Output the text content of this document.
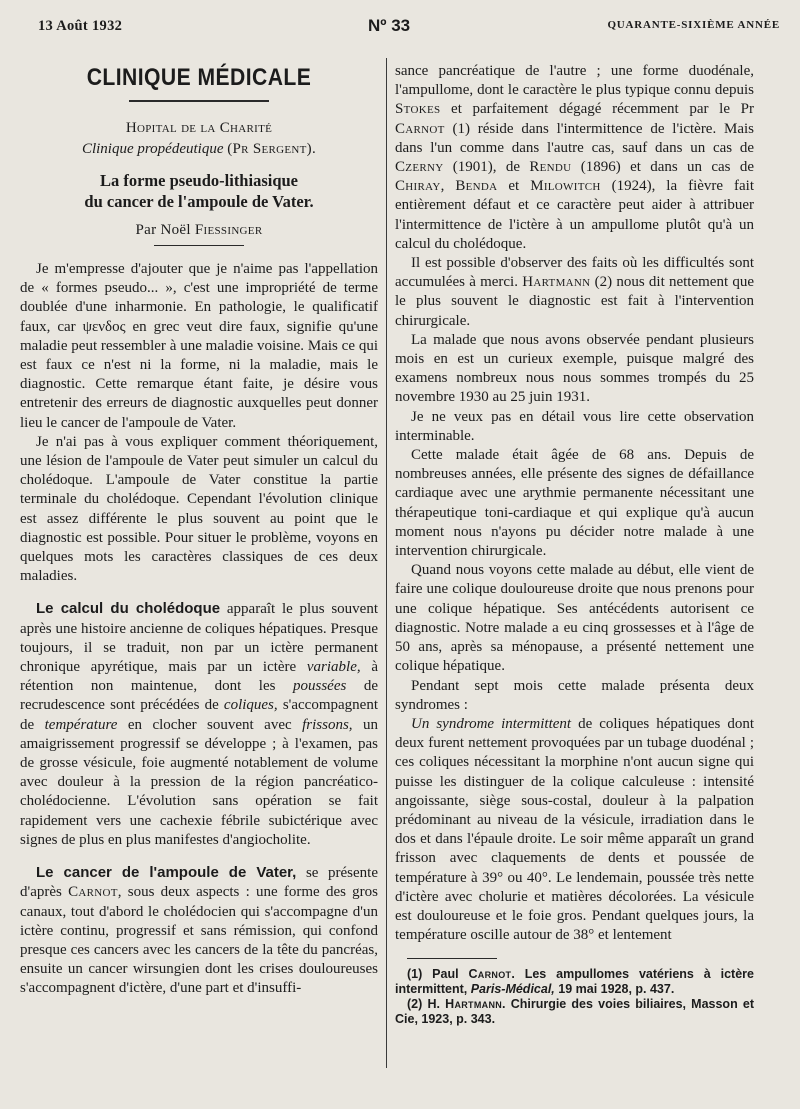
13 Août 1932	Nº 33	QUARANTE-SIXIÈME ANNÉE
CLINIQUE MÉDICALE
Hopital de la Charité
Clinique propédeutique (Pr Sergent).
La forme pseudo-lithiasique
du cancer de l'ampoule de Vater.
Par Noël Fiessinger

Je m'empresse d'ajouter que je n'aime pas l'appellation de « formes pseudo... », c'est une impropriété de terme doublée d'une inharmonie. En pathologie, le qualificatif faux, car ψενδος en grec veut dire faux, signifie qu'une maladie peut ressembler à une maladie voisine. Mais ce qui est faux ce n'est ni la forme, ni la maladie, mais le diagnostic. Cette remarque étant faite, je désire vous entretenir des erreurs de diagnostic auxquelles peut donner lieu le cancer de l'ampoule de Vater.

Je n'ai pas à vous expliquer comment théoriquement, une lésion de l'ampoule de Vater peut simuler un calcul du cholédoque. L'ampoule de Vater constitue la partie terminale du cholédoque. Cependant l'évolution clinique est assez différente le plus souvent au point que le diagnostic est possible. Pour situer le problème, voyons en quelques mots les caractères classiques de ces deux maladies.

Le calcul du cholédoque apparaît le plus souvent après une histoire ancienne de coliques hépatiques. Presque toujours, il se traduit, non par un ictère permanent chronique apyrétique, mais par un ictère variable, à rétention non maintenue, dont les poussées de recrudescence sont précédées de coliques, s'accompagnent de température en clocher souvent avec frissons, un amaigrissement progressif se développe ; à l'examen, pas de grosse vésicule, foie augmenté notablement de volume avec douleur à la pression de la région pancréatico-cholédocienne. L'évolution sans opération se fait rapidement vers une cachexie fébrile subictérique avec signes de plus en plus manifestes d'angiocholite.

Le cancer de l'ampoule de Vater, se présente d'après Carnot, sous deux aspects : une forme des gros canaux, tout d'abord le cholédocien qui s'accompagne d'un ictère continu, progressif et sans rémission, qui confond presque ces cancers avec les cancers de la tête du pancréas, ensuite un cancer wirsungien dont les crises douloureuses s'accompagnent d'ictère, d'une part et d'insuffi-

sance pancréatique de l'autre ; une forme duodénale, l'ampullome, dont le caractère le plus typique connu depuis Stokes et parfaitement dégagé récemment par le Pr Carnot (1) réside dans l'intermittence de l'ictère. Mais dans l'un comme dans l'autre cas, sauf dans un cas de Czerny (1901), de Rendu (1896) et dans un cas de Chiray, Benda et Milowitch (1924), la fièvre fait entièrement défaut et ce caractère peut aider à attribuer l'intermittence de l'ictère à un ampullome plutôt qu'à un calcul du cholédoque.

Il est possible d'observer des faits où les difficultés sont accumulées à merci. Hartmann (2) nous dit nettement que le plus souvent le diagnostic est fait à l'intervention chirurgicale.

La malade que nous avons observée pendant plusieurs mois en est un curieux exemple, puisque malgré des examens nombreux nous nous sommes trompés du 25 novembre 1930 au 25 juin 1931.

Je ne veux pas en détail vous lire cette observation interminable.

Cette malade était âgée de 68 ans. Depuis de nombreuses années, elle présente des signes de défaillance cardiaque avec une arythmie permanente nécessitant une thérapeutique toni-cardiaque et qui explique qu'à aucun moment nous n'ayons pu décider notre malade à une intervention chirurgicale.

Quand nous voyons cette malade au début, elle vient de faire une colique douloureuse droite que nous prenons pour une colique hépatique. Ses antécédents autorisent ce diagnostic. Notre malade a eu cinq grossesses et à l'âge de 50 ans, après sa ménopause, a présenté nettement une colique hépatique.

Pendant sept mois cette malade présenta deux syndromes :

Un syndrome intermittent de coliques hépatiques dont deux furent nettement provoquées par un tubage duodénal ; ces coliques nécessitant la morphine n'ont aucun signe qui puisse les distinguer de la colique calculeuse : intensité angoissante, siège sous-costal, douleur à la palpation prédominant au niveau de la vésicule, irradiation dans le dos et dans l'épaule droite. Le soir même apparaît un grand frisson avec claquements de dents et poussée de température à 39° ou 40°. Le lendemain, poussée très nette d'ictère avec cholurie et matières décolorées. La vésicule est douloureuse et le foie gros. Pendant quelques jours, la température oscille autour de 38° et lentement

(1) Paul Carnot. Les ampullomes vatériens à ictère intermittent, Paris-Médical, 19 mai 1928, p. 437.
(2) H. Hartmann. Chirurgie des voies biliaires, Masson et Cie, 1923, p. 343.
